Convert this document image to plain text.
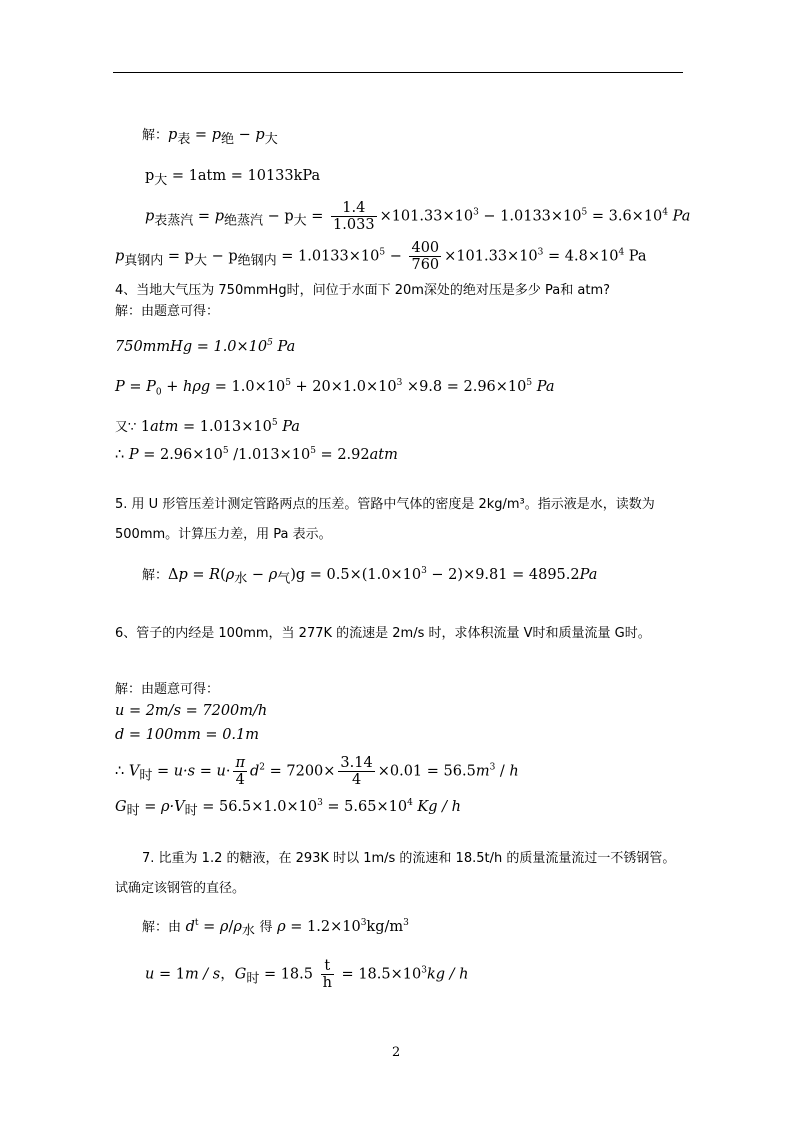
解：$p_表 = p_绝 - p_大$
$p_大 = 1atm = 10133kPa$
$p_{表蒸汽} = p_{绝蒸汽} - p_大 = \frac{1.4}{1.033} \times 101.33\times 10^3 - 1.0133\times 10^5 = 3.6\times 10^4$ Pa
$p_{真钢内} = p_大 - p_{绝钢内} = 1.0133\times 10^5 - \frac{400}{760} \times 101.33\times 10^3 = 4.8\times 10^4$ Pa
4、当地大气压为 750mmHg时，问位于水面下 20m深处的绝对压是多少 Pa和 atm?
解：由题意可得：
750mmHg = $1.0\times 10^5$ Pa
$P = P_0 + h\rho g = 1.0\times 10^5 + 20\times 1.0\times 10^3 \times 9.8 = 2.96\times 10^5$ Pa
又∵ $1atm = 1.013\times 10^5$ Pa
∴ $P = 2.96\times 10^5$ $/1.013\times 10^5 = 2.92atm$
5. 用 U 形管压差计测定管路两点的压差。管路中气体的密度是 2kg/m³。指示液是水，读数为
500mm。计算压力差，用 Pa 表示。
解：$\Delta p = R(\rho_水 - \rho_气)g = 0.5\times(1.0\times 10^3 - 2)\times 9.81 = 4895.2Pa$
6、管子的内经是 100mm，当 277K 的流速是 2m/s 时，求体积流量 V时和质量流量 G时。
解：由题意可得：
u = 2m/s = 7200m/h
d = 100mm = 0.1m
∴ $V_时 = u\cdot s = u\cdot \frac{\pi}{4} d^2 = 7200\times \frac{3.14}{4} \times 0.01 = 56.5m^3 / h$
$G_时 = \rho\cdot V_时 = 56.5\times 1.0\times 10^3 = 5.65\times 10^4$ Kg / h
7. 比重为 1.2 的糖液，在 293K 时以 1m/s 的流速和 18.5t/h 的质量流量流过一不锈钢管。
试确定该钢管的直径。
解：由 $d^t = \rho/\rho_水$ 得 $\rho = 1.2\times 10^3kg/m^3$
u = 1m / s，$G_时 = 18.5 \frac{t}{h} = 18.5\times 10^3kg / h$
2
